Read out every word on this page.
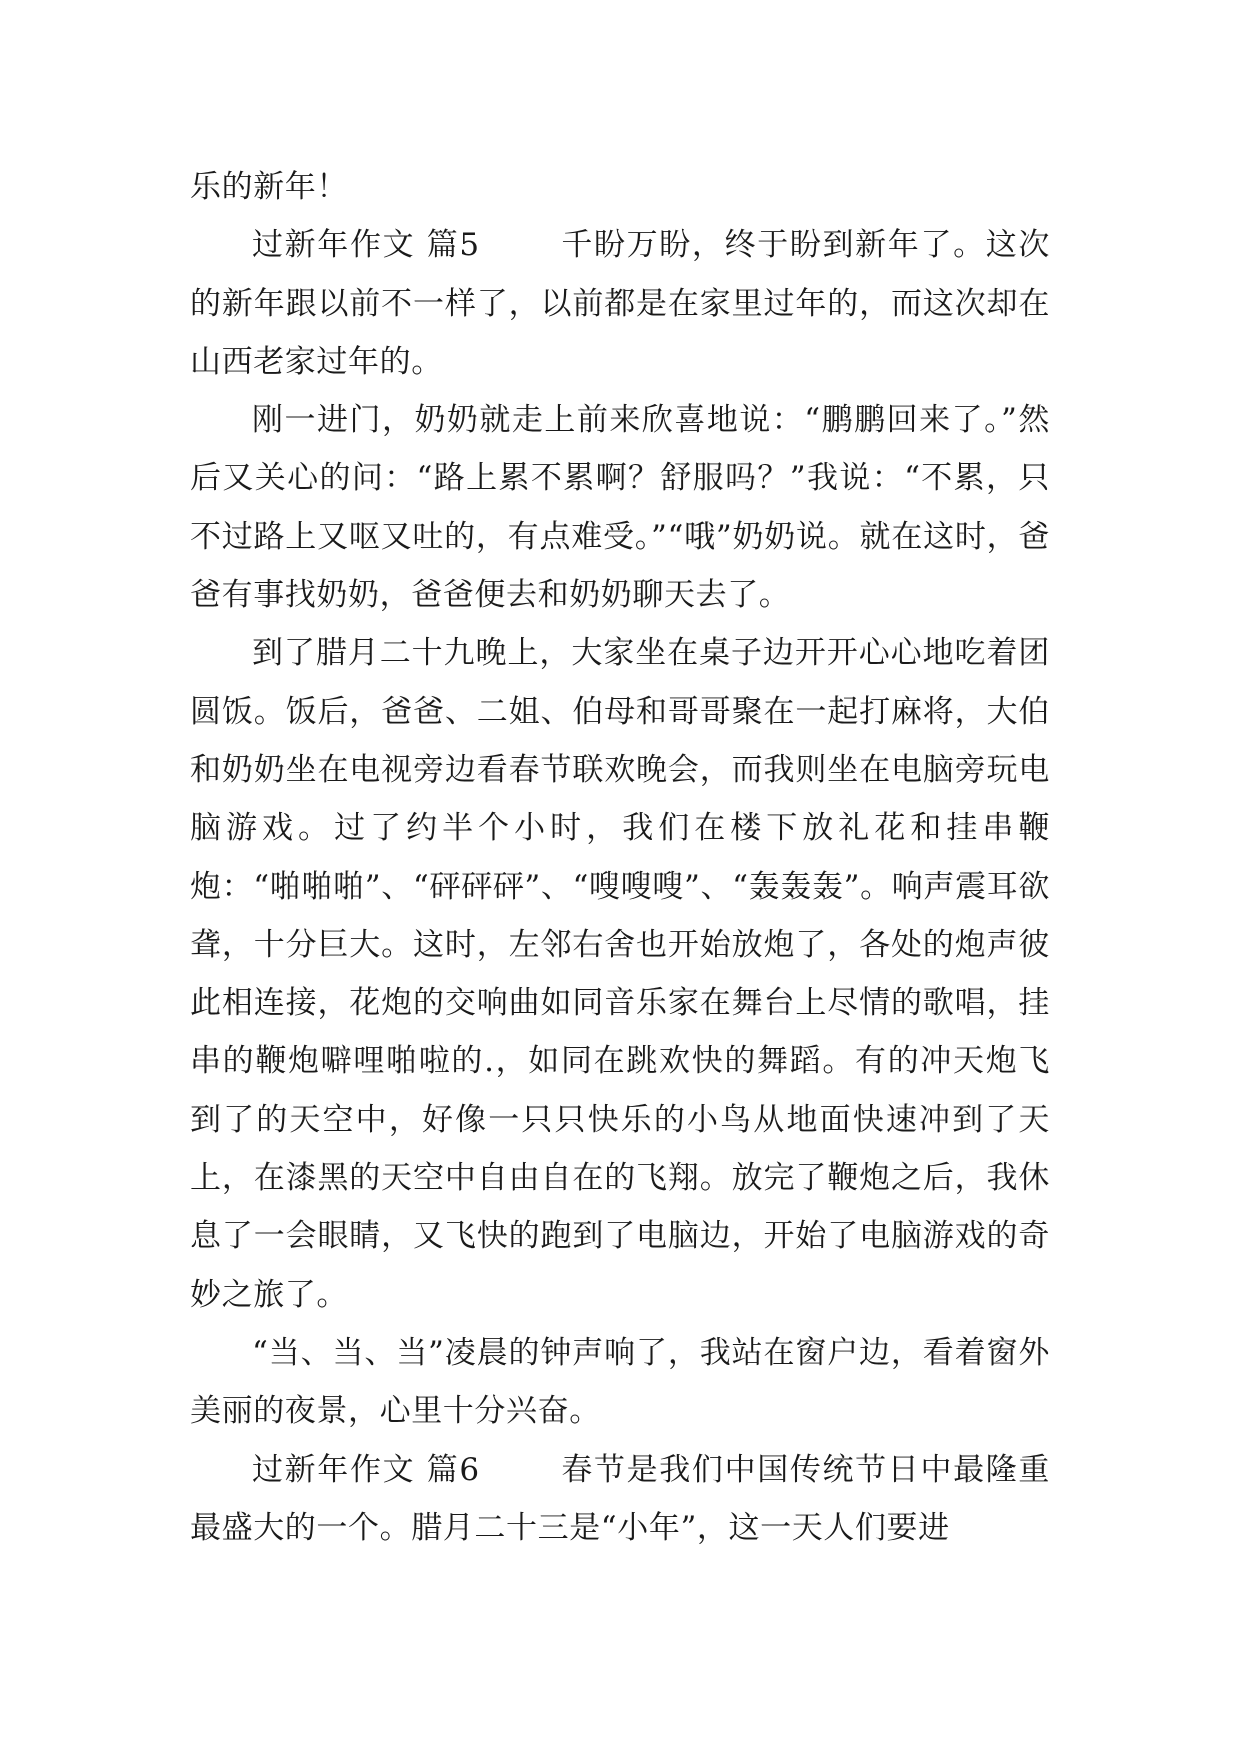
乐的新年！

过新年作文 篇5	千盼万盼，终于盼到新年了。这次的新年跟以前不一样了，以前都是在家里过年的，而这次却在山西老家过年的。

刚一进门，奶奶就走上前来欣喜地说：“鹏鹏回来了。”然后又关心的问：“路上累不累啊？舒服吗？”我说：“不累，只不过路上又呕又吐的，有点难受。”“哦”奶奶说。就在这时，爸爸有事找奶奶，爸爸便去和奶奶聊天去了。

到了腊月二十九晚上，大家坐在桌子边开开心心地吃着团圆饭。饭后，爸爸、二姐、伯母和哥哥聚在一起打麻将，大伯和奶奶坐在电视旁边看春节联欢晚会，而我则坐在电脑旁玩电脑游戏。过了约半个小时，我们在楼下放礼花和挂串鞭炮：“啪啪啪”、“砰砰砰”、“嗖嗖嗖”、“轰轰轰”。响声震耳欲聋，十分巨大。这时，左邻右舍也开始放炮了，各处的炮声彼此相连接，花炮的交响曲如同音乐家在舞台上尽情的歌唱，挂串的鞭炮噼哩啪啦的.，如同在跳欢快的舞蹈。有的冲天炮飞到了的天空中，好像一只只快乐的小鸟从地面快速冲到了天上，在漆黑的天空中自由自在的飞翔。放完了鞭炮之后，我休息了一会眼睛，又飞快的跑到了电脑边，开始了电脑游戏的奇妙之旅了。

“当、当、当”凌晨的钟声响了，我站在窗户边，看着窗外美丽的夜景，心里十分兴奋。

过新年作文 篇6	春节是我们中国传统节日中最隆重最盛大的一个。腊月二十三是“小年”，这一天人们要进
